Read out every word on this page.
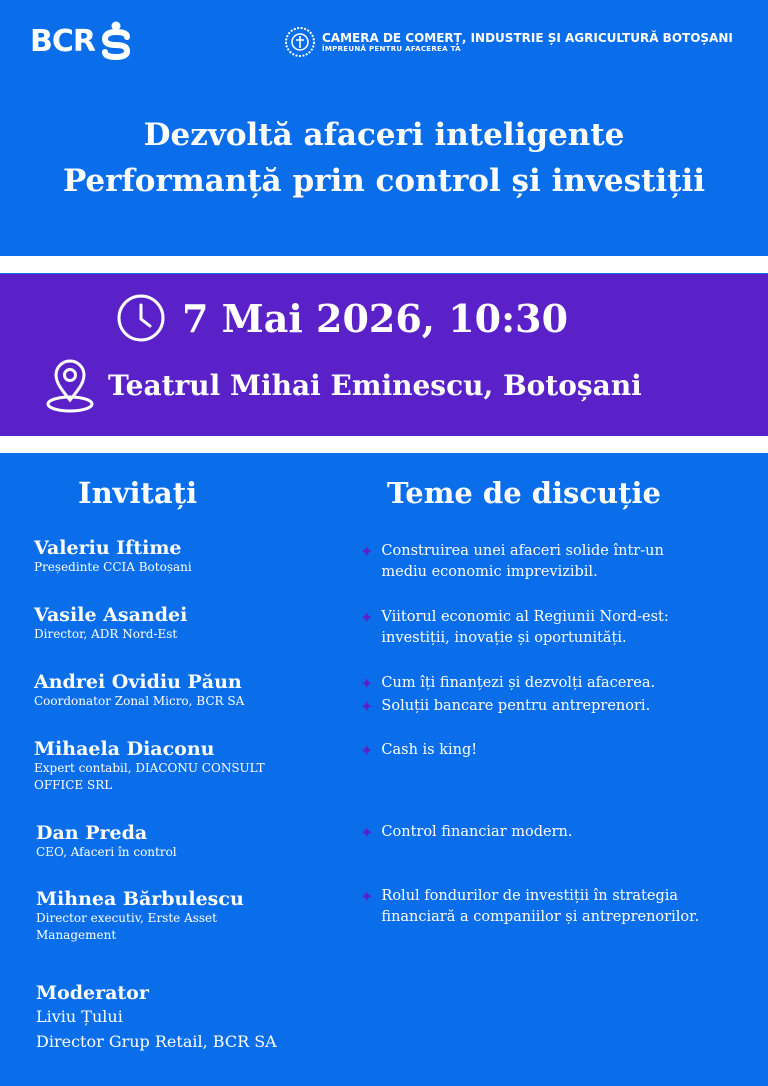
BCR	CAMERA DE COMERȚ, INDUSTRIE ȘI AGRICULTURĂ BOTOȘANI
ÎMPREUNĂ PENTRU AFACEREA TA
Dezvoltă afaceri inteligente
Performanță prin control și investiții
7 Mai 2026, 10:30
Teatrul Mihai Eminescu, Botoșani
Invitați	Teme de discuție
Valeriu Iftime
Președinte CCIA Botoșani
Vasile Asandei
Director, ADR Nord-Est
Andrei Ovidiu Păun
Coordonator Zonal Micro, BCR SA
Mihaela Diaconu
Expert contabil, DIACONU CONSULT OFFICE SRL
Dan Preda
CEO, Afaceri în control
Mihnea Bărbulescu
Director executiv, Erste Asset Management
Moderator
Liviu Țului
Director Grup Retail, BCR SA
✦ Construirea unei afaceri solide într-un mediu economic imprevizibil.
✦ Viitorul economic al Regiunii Nord-est: investiții, inovație și oportunități.
✦ Cum îți finanțezi și dezvolți afacerea.
✦ Soluții bancare pentru antreprenori.
✦ Cash is king!
✦ Control financiar modern.
✦ Rolul fondurilor de investiții în strategia financiară a companiilor și antreprenorilor.
